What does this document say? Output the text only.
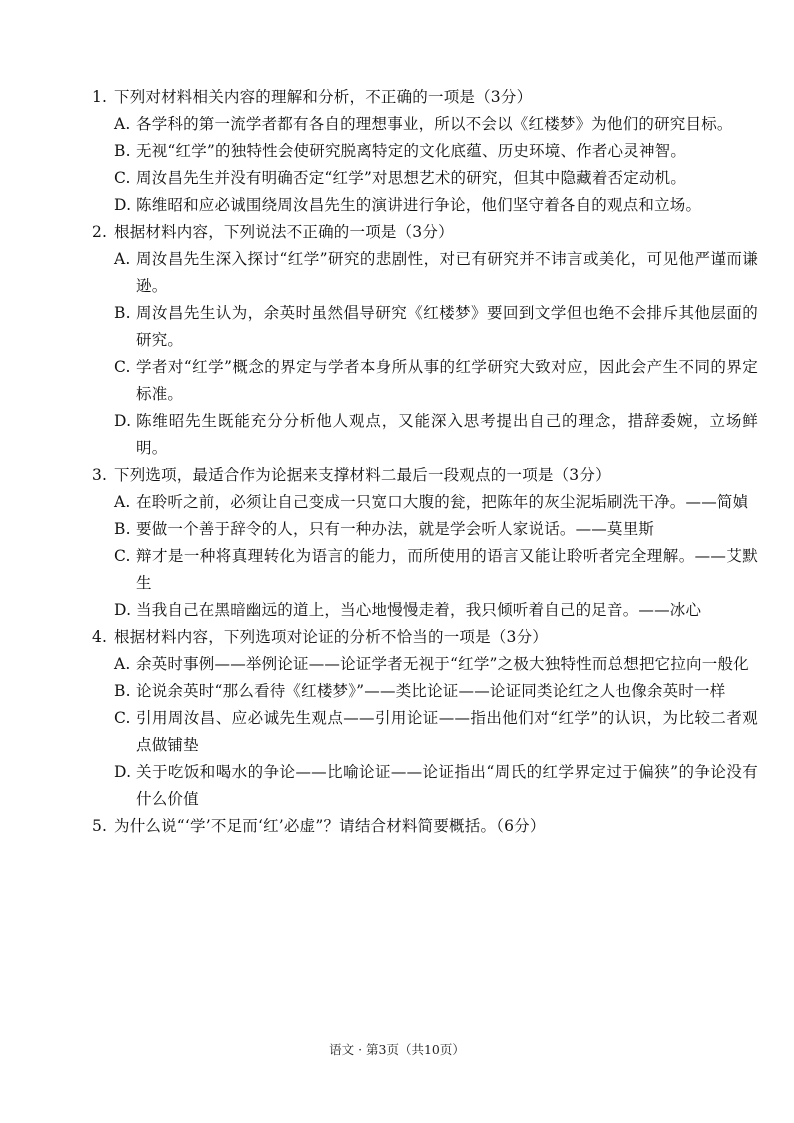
1. 下列对材料相关内容的理解和分析，不正确的一项是（3分）
A. 各学科的第一流学者都有各自的理想事业，所以不会以《红楼梦》为他们的研究目标。
B. 无视“红学”的独特性会使研究脱离特定的文化底蕴、历史环境、作者心灵神智。
C. 周汝昌先生并没有明确否定“红学”对思想艺术的研究，但其中隐藏着否定动机。
D. 陈维昭和应必诚围绕周汝昌先生的演讲进行争论，他们坚守着各自的观点和立场。
2. 根据材料内容，下列说法不正确的一项是（3分）
A. 周汝昌先生深入探讨“红学”研究的悲剧性，对已有研究并不讳言或美化，可见他严谨而谦逊。
B. 周汝昌先生认为，余英时虽然倡导研究《红楼梦》要回到文学但也绝不会排斥其他层面的研究。
C. 学者对“红学”概念的界定与学者本身所从事的红学研究大致对应，因此会产生不同的界定标准。
D. 陈维昭先生既能充分分析他人观点，又能深入思考提出自己的理念，措辞委婉，立场鲜明。
3. 下列选项，最适合作为论据来支撑材料二最后一段观点的一项是（3分）
A. 在聆听之前，必须让自己变成一只宽口大腹的瓮，把陈年的灰尘泥垢刷洗干净。——简媜
B. 要做一个善于辞令的人，只有一种办法，就是学会听人家说话。——莫里斯
C. 辩才是一种将真理转化为语言的能力，而所使用的语言又能让聆听者完全理解。——艾默生
D. 当我自己在黑暗幽远的道上，当心地慢慢走着，我只倾听着自己的足音。——冰心
4. 根据材料内容，下列选项对论证的分析不恰当的一项是（3分）
A. 余英时事例——举例论证——论证学者无视于“红学”之极大独特性而总想把它拉向一般化
B. 论说余英时“那么看待《红楼梦》”——类比论证——论证同类论红之人也像余英时一样
C. 引用周汝昌、应必诚先生观点——引用论证——指出他们对“红学”的认识，为比较二者观点做铺垫
D. 关于吃饭和喝水的争论——比喻论证——论证指出“周氏的红学界定过于偏狭”的争论没有什么价值
5. 为什么说“‘学’不足而‘红’必虚”？请结合材料简要概括。（6分）
语文 · 第3页（共10页）
